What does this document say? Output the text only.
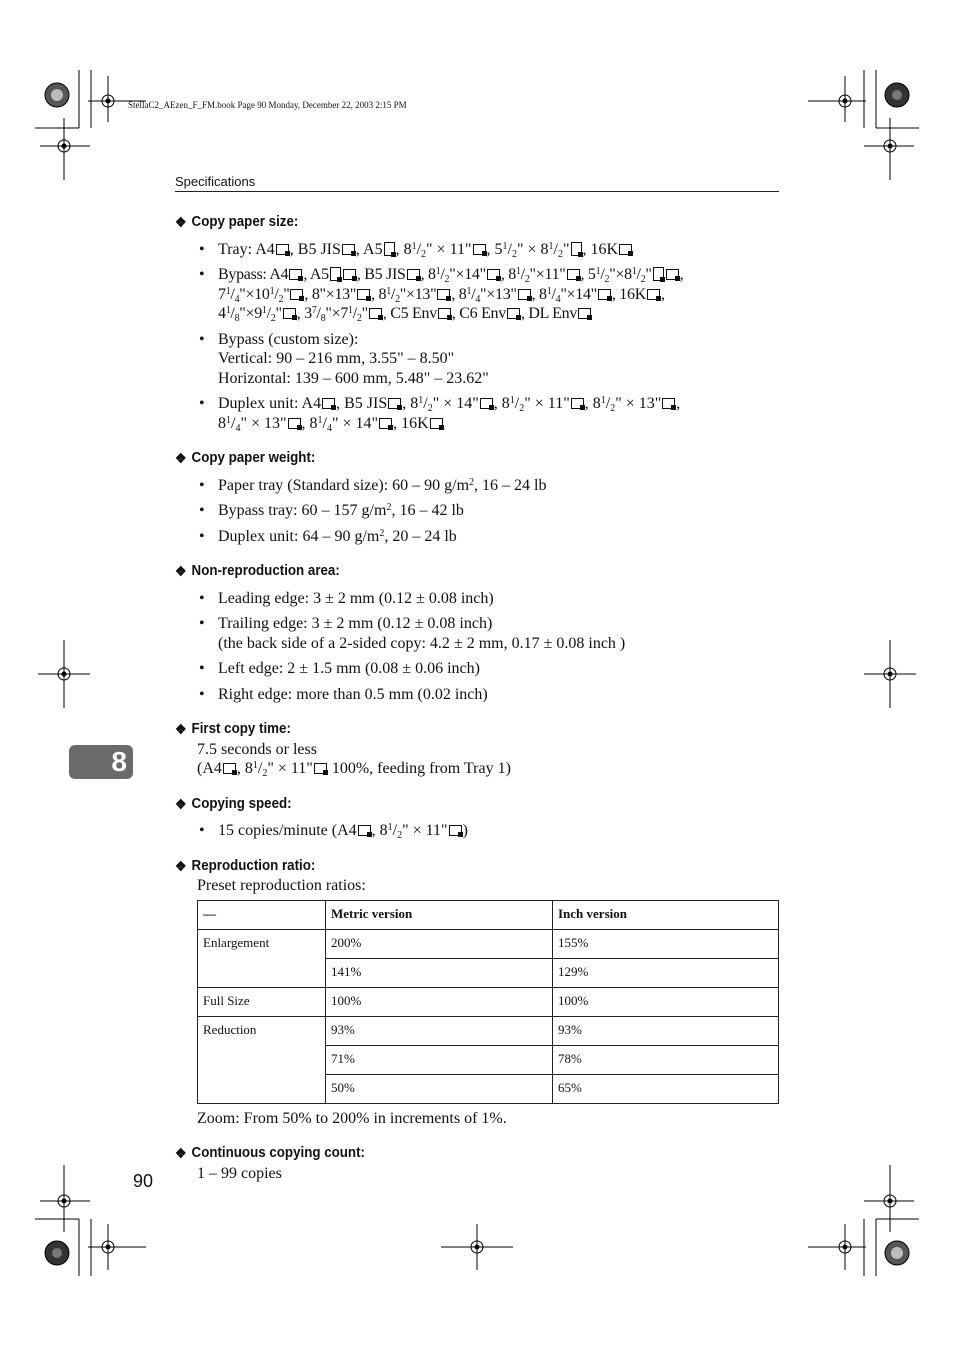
StellaC2_AEzen_F_FM.book Page 90 Monday, December 22, 2003 2:15 PM
Specifications
8
❖ Copy paper size:
• Tray: A4 , B5 JIS , A5 , $8^1/_2$" × 11" , $5^1/_2$" × $8^1/_2$" , 16K
• Bypass: A4 , A5 , B5 JIS , $8^1/_2"\times 14$" , $8^1/_2"\times 11$" , $5^1/_2"\times 8^1/_2$" ,
$7^1/_4"\times 10^1/_2$" , 8"×13" , $8^1/_2"\times 13$" , $8^1/_4"\times 13$" , $8^1/_4"\times 14$" , 16K ,
$4^1/_8"\times 9^1/_2$" , $3^7/_8"\times 7^1/_2$" , C5 Env , C6 Env , DL Env
• Bypass (custom size):
Vertical: 90 – 216 mm, 3.55" – 8.50"
Horizontal: 139 – 600 mm, 5.48" – 23.62"
• Duplex unit: A4 , B5 JIS , $8^1/_2$" × 14" , $8^1/_2$" × 11" , $8^1/_2$" × 13" ,
$8^1/_4$" × 13" , $8^1/_4$" × 14" , 16K
❖ Copy paper weight:
• Paper tray (Standard size): 60 – 90 $g/m^2$, 16 – 24 lb
• Bypass tray: 60 – 157 $g/m^2$, 16 – 42 lb
• Duplex unit: 64 – 90 $g/m^2$, 20 – 24 lb
❖ Non-reproduction area:
• Leading edge: 3 ± 2 mm (0.12 ± 0.08 inch)
• Trailing edge: 3 ± 2 mm (0.12 ± 0.08 inch)
(the back side of a 2-sided copy: 4.2 ± 2 mm, 0.17 ± 0.08 inch )
• Left edge: 2 ± 1.5 mm (0.08 ± 0.06 inch)
• Right edge: more than 0.5 mm (0.02 inch)
❖ First copy time:
7.5 seconds or less
(A4 , $8^1/_2$" × 11" 100%, feeding from Tray 1)
❖ Copying speed:
• 15 copies/minute (A4 , $8^1/_2$" × 11" )
❖ Reproduction ratio:
Preset reproduction ratios:
—	Metric version	Inch version
Enlargement	200%	155%
	141%	129%
Full Size	100%	100%
Reduction	93%	93%
	71%	78%
	50%	65%
Zoom: From 50% to 200% in increments of 1%.
❖ Continuous copying count:
1 – 99 copies
90
